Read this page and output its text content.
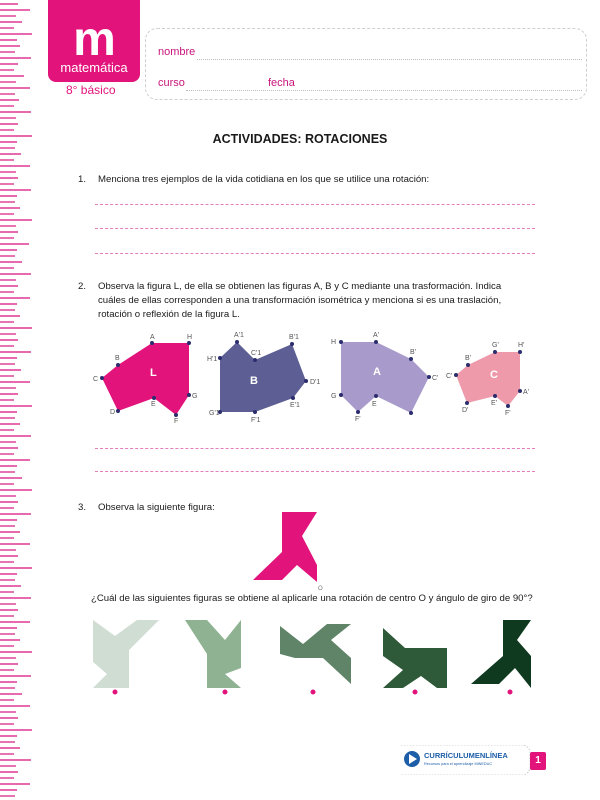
m
matemática
8° básico
nombre
curso	fecha
ACTIVIDADES: ROTACIONES
1. Menciona tres ejemplos de la vida cotidiana en los que se utilice una rotación:
2. Observa la figura L, de ella se obtienen las figuras A, B y C mediante una trasformación. Indica
cuáles de ellas corresponden a una transformación isométrica y menciona si es una traslación,
rotación o reflexión de la figura L.
C
B
A	H
G
F
E
D
L
H'1
A'1
C'1
B'1
D'1
E'1
F'1
G'1
B
H
A'
B'
C'
E
F'
G
A	C'
B'
G'	H'
A'
F'
E'
D'
C
3. Observa la siguiente figura:
O
¿Cuál de las siguientes figuras se obtiene al aplicarle una rotación de centro O y ángulo de giro de 90°?
CURRÍCULUMENLÍNEA
Recursos para el aprendizaje MINEDUC	1
